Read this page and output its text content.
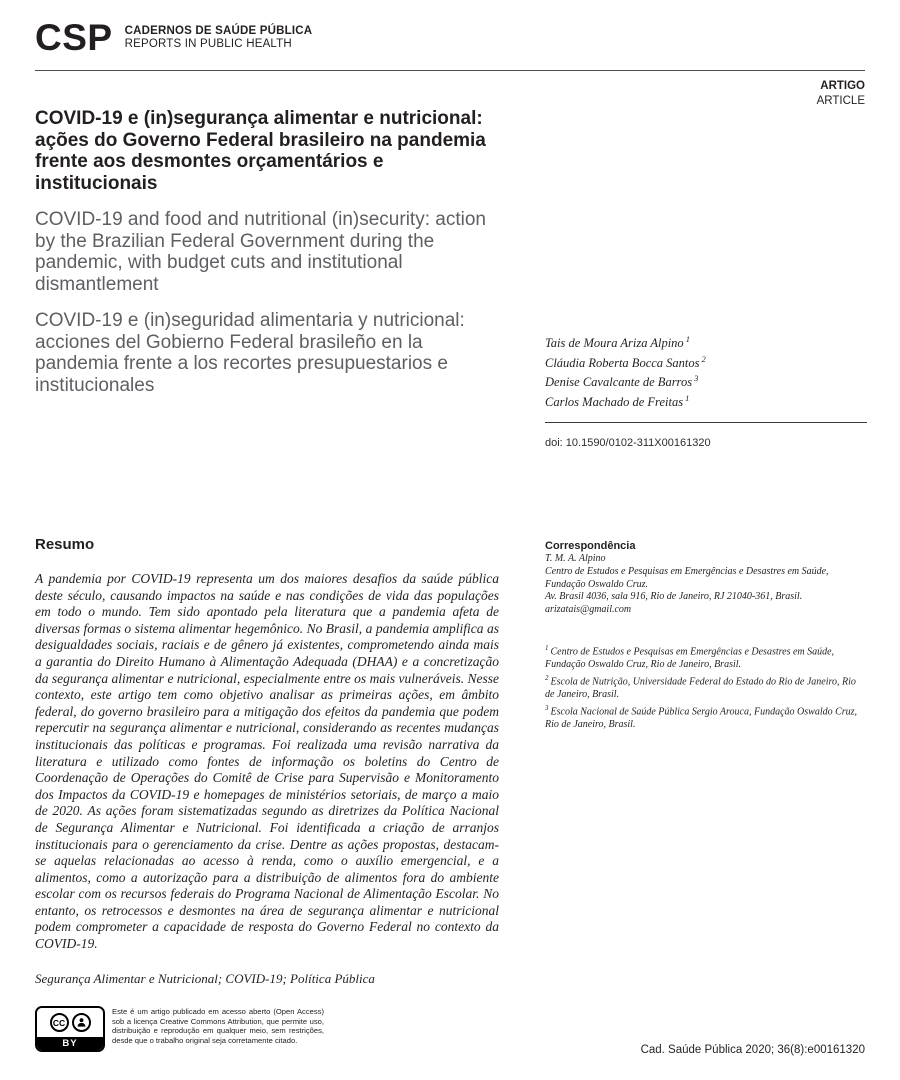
CSP CADERNOS DE SAÚDE PÚBLICA
REPORTS IN PUBLIC HEALTH
ARTIGO
ARTICLE
COVID-19 e (in)segurança alimentar e nutricional: ações do Governo Federal brasileiro na pandemia frente aos desmontes orçamentários e institucionais
COVID-19 and food and nutritional (in)security: action by the Brazilian Federal Government during the pandemic, with budget cuts and institutional dismantlement
COVID-19 e (in)seguridad alimentaria y nutricional: acciones del Gobierno Federal brasileño en la pandemia frente a los recortes presupuestarios e institucionales
Tais de Moura Ariza Alpino $^1$
Cláudia Roberta Bocca Santos $^2$
Denise Cavalcante de Barros $^3$
Carlos Machado de Freitas $^1$
doi: 10.1590/0102-311X00161320
Resumo

A pandemia por COVID-19 representa um dos maiores desafios da saúde pública deste século, causando impactos na saúde e nas condições de vida das populações em todo o mundo. Tem sido apontado pela literatura que a pandemia afeta de diversas formas o sistema alimentar hegemônico. No Brasil, a pandemia amplifica as desigualdades sociais, raciais e de gênero já existentes, comprometendo ainda mais a garantia do Direito Humano à Alimentação Adequada (DHAA) e a concretização da segurança alimentar e nutricional, especialmente entre os mais vulneráveis. Nesse contexto, este artigo tem como objetivo analisar as primeiras ações, em âmbito federal, do governo brasileiro para a mitigação dos efeitos da pandemia que podem repercutir na segurança alimentar e nutricional, considerando as recentes mudanças institucionais das políticas e programas. Foi realizada uma revisão narrativa da literatura e utilizado como fontes de informação os boletins do Centro de Coordenação de Operações do Comitê de Crise para Supervisão e Monitoramento dos Impactos da COVID-19 e homepages de ministérios setoriais, de março a maio de 2020. As ações foram sistematizadas segundo as diretrizes da Política Nacional de Segurança Alimentar e Nutricional. Foi identificada a criação de arranjos institucionais para o gerenciamento da crise. Dentre as ações propostas, destacam-se aquelas relacionadas ao acesso à renda, como o auxílio emergencial, e a alimentos, como a autorização para a distribuição de alimentos fora do ambiente escolar com os recursos federais do Programa Nacional de Alimentação Escolar. No entanto, os retrocessos e desmontes na área de segurança alimentar e nutricional podem comprometer a capacidade de resposta do Governo Federal no contexto da COVID-19.

Segurança Alimentar e Nutricional; COVID-19; Política Pública

Correspondência
T. M. A. Alpino
Centro de Estudos e Pesquisas em Emergências e Desastres em Saúde, Fundação Oswaldo Cruz.
Av. Brasil 4036, sala 916, Rio de Janeiro, RJ 21040-361, Brasil.
arizatais@gmail.com
$^1$ Centro de Estudos e Pesquisas em Emergências e Desastres em Saúde, Fundação Oswaldo Cruz, Rio de Janeiro, Brasil.
$^2$ Escola de Nutrição, Universidade Federal do Estado do Rio de Janeiro, Rio de Janeiro, Brasil.
$^3$ Escola Nacional de Saúde Pública Sergio Arouca, Fundação Oswaldo Cruz, Rio de Janeiro, Brasil.
CC
BY
Este é um artigo publicado em acesso aberto (Open Access) sob a licença Creative Commons Attribution, que permite uso, distribuição e reprodução em qualquer meio, sem restrições, desde que o trabalho original seja corretamente citado.
Cad. Saúde Pública 2020; 36(8):e00161320
